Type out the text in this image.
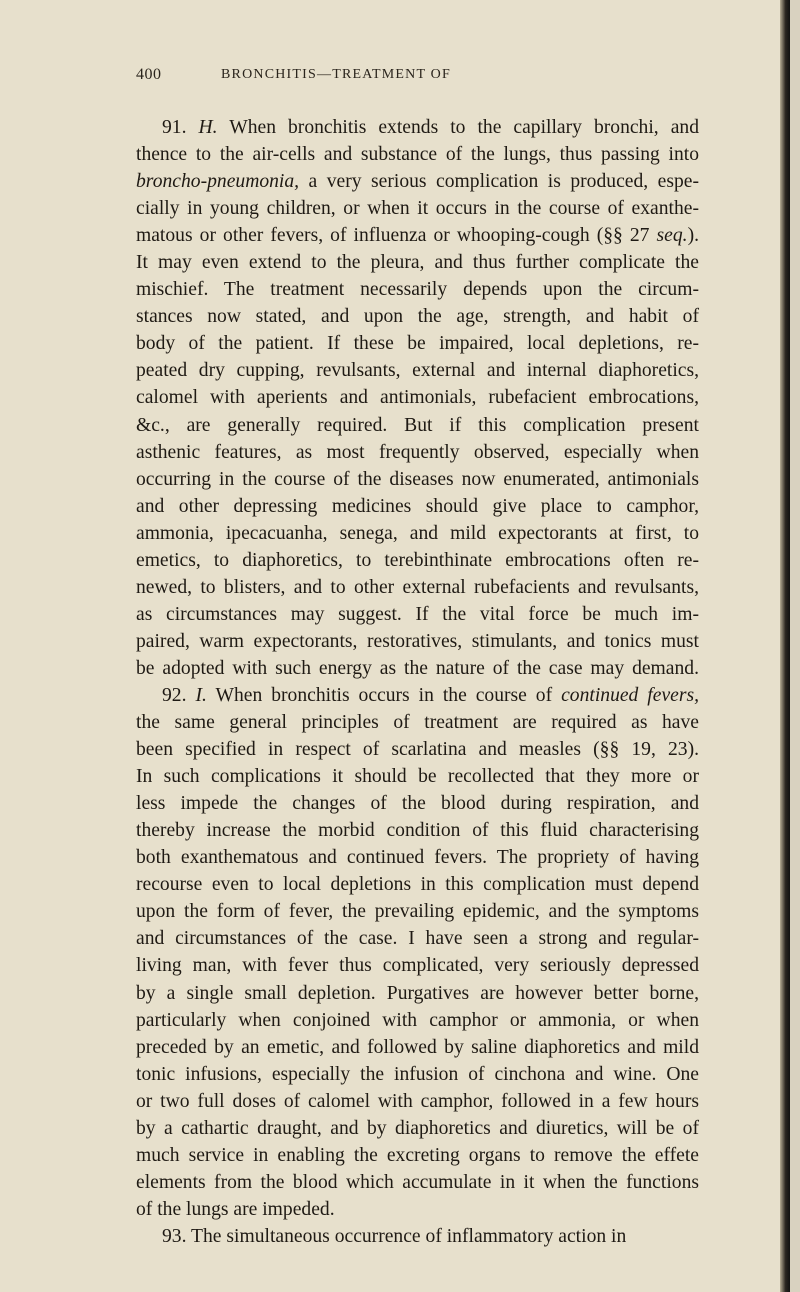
400	BRONCHITIS—TREATMENT OF
91. H. When bronchitis extends to the capillary bronchi, and
thence to the air-cells and substance of the lungs, thus passing into
broncho-pneumonia, a very serious complication is produced, espe-
cially in young children, or when it occurs in the course of exanthe-
matous or other fevers, of influenza or whooping-cough (§§ 27 seq.).
It may even extend to the pleura, and thus further complicate the
mischief. The treatment necessarily depends upon the circum-
stances now stated, and upon the age, strength, and habit of
body of the patient. If these be impaired, local depletions, re-
peated dry cupping, revulsants, external and internal diaphoretics,
calomel with aperients and antimonials, rubefacient embrocations,
&c., are generally required. But if this complication present
asthenic features, as most frequently observed, especially when
occurring in the course of the diseases now enumerated, antimonials
and other depressing medicines should give place to camphor,
ammonia, ipecacuanha, senega, and mild expectorants at first, to
emetics, to diaphoretics, to terebinthinate embrocations often re-
newed, to blisters, and to other external rubefacients and revulsants,
as circumstances may suggest. If the vital force be much im-
paired, warm expectorants, restoratives, stimulants, and tonics must
be adopted with such energy as the nature of the case may demand.
92. I. When bronchitis occurs in the course of continued fevers,
the same general principles of treatment are required as have
been specified in respect of scarlatina and measles (§§ 19, 23).
In such complications it should be recollected that they more or
less impede the changes of the blood during respiration, and
thereby increase the morbid condition of this fluid characterising
both exanthematous and continued fevers. The propriety of having
recourse even to local depletions in this complication must depend
upon the form of fever, the prevailing epidemic, and the symptoms
and circumstances of the case. I have seen a strong and regular-
living man, with fever thus complicated, very seriously depressed
by a single small depletion. Purgatives are however better borne,
particularly when conjoined with camphor or ammonia, or when
preceded by an emetic, and followed by saline diaphoretics and mild
tonic infusions, especially the infusion of cinchona and wine. One
or two full doses of calomel with camphor, followed in a few hours
by a cathartic draught, and by diaphoretics and diuretics, will be of
much service in enabling the excreting organs to remove the effete
elements from the blood which accumulate in it when the functions
of the lungs are impeded.
93. The simultaneous occurrence of inflammatory action in
